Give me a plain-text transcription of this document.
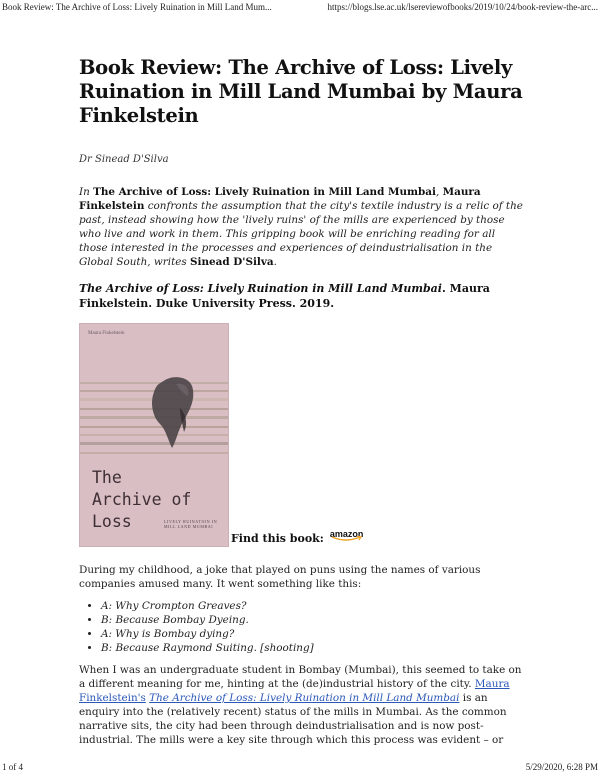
Book Review: The Archive of Loss: Lively Ruination in Mill Land Mum...	https://blogs.lse.ac.uk/lsereviewofbooks/2019/10/24/book-review-the-arc...
Book Review: The Archive of Loss: Lively Ruination in Mill Land Mumbai by Maura Finkelstein
Dr Sinead D'Silva
In The Archive of Loss: Lively Ruination in Mill Land Mumbai, Maura Finkelstein confronts the assumption that the city's textile industry is a relic of the past, instead showing how the 'lively ruins' of the mills are experienced by those who live and work in them. This gripping book will be enriching reading for all those interested in the processes and experiences of deindustrialisation in the Global South, writes Sinead D'Silva.
The Archive of Loss: Lively Ruination in Mill Land Mumbai. Maura Finkelstein. Duke University Press. 2019.
Maura Finkelstein
The
Archive of
Loss	LIVELY RUINATION IN MILL LAND MUMBAI
Find this book: amazon

During my childhood, a joke that played on puns using the names of various companies amused many. It went something like this:

• A: Why Crompton Greaves?
• B: Because Bombay Dyeing.
• A: Why is Bombay dying?
• B: Because Raymond Suiting. [shooting]

When I was an undergraduate student in Bombay (Mumbai), this seemed to take on a different meaning for me, hinting at the (de)industrial history of the city. Maura Finkelstein's The Archive of Loss: Lively Ruination in Mill Land Mumbai is an enquiry into the (relatively recent) status of the mills in Mumbai. As the common narrative sits, the city had been through deindustrialisation and is now post-industrial. The mills were a key site through which this process was evident – or

1 of 4	5/29/2020, 6:28 PM
